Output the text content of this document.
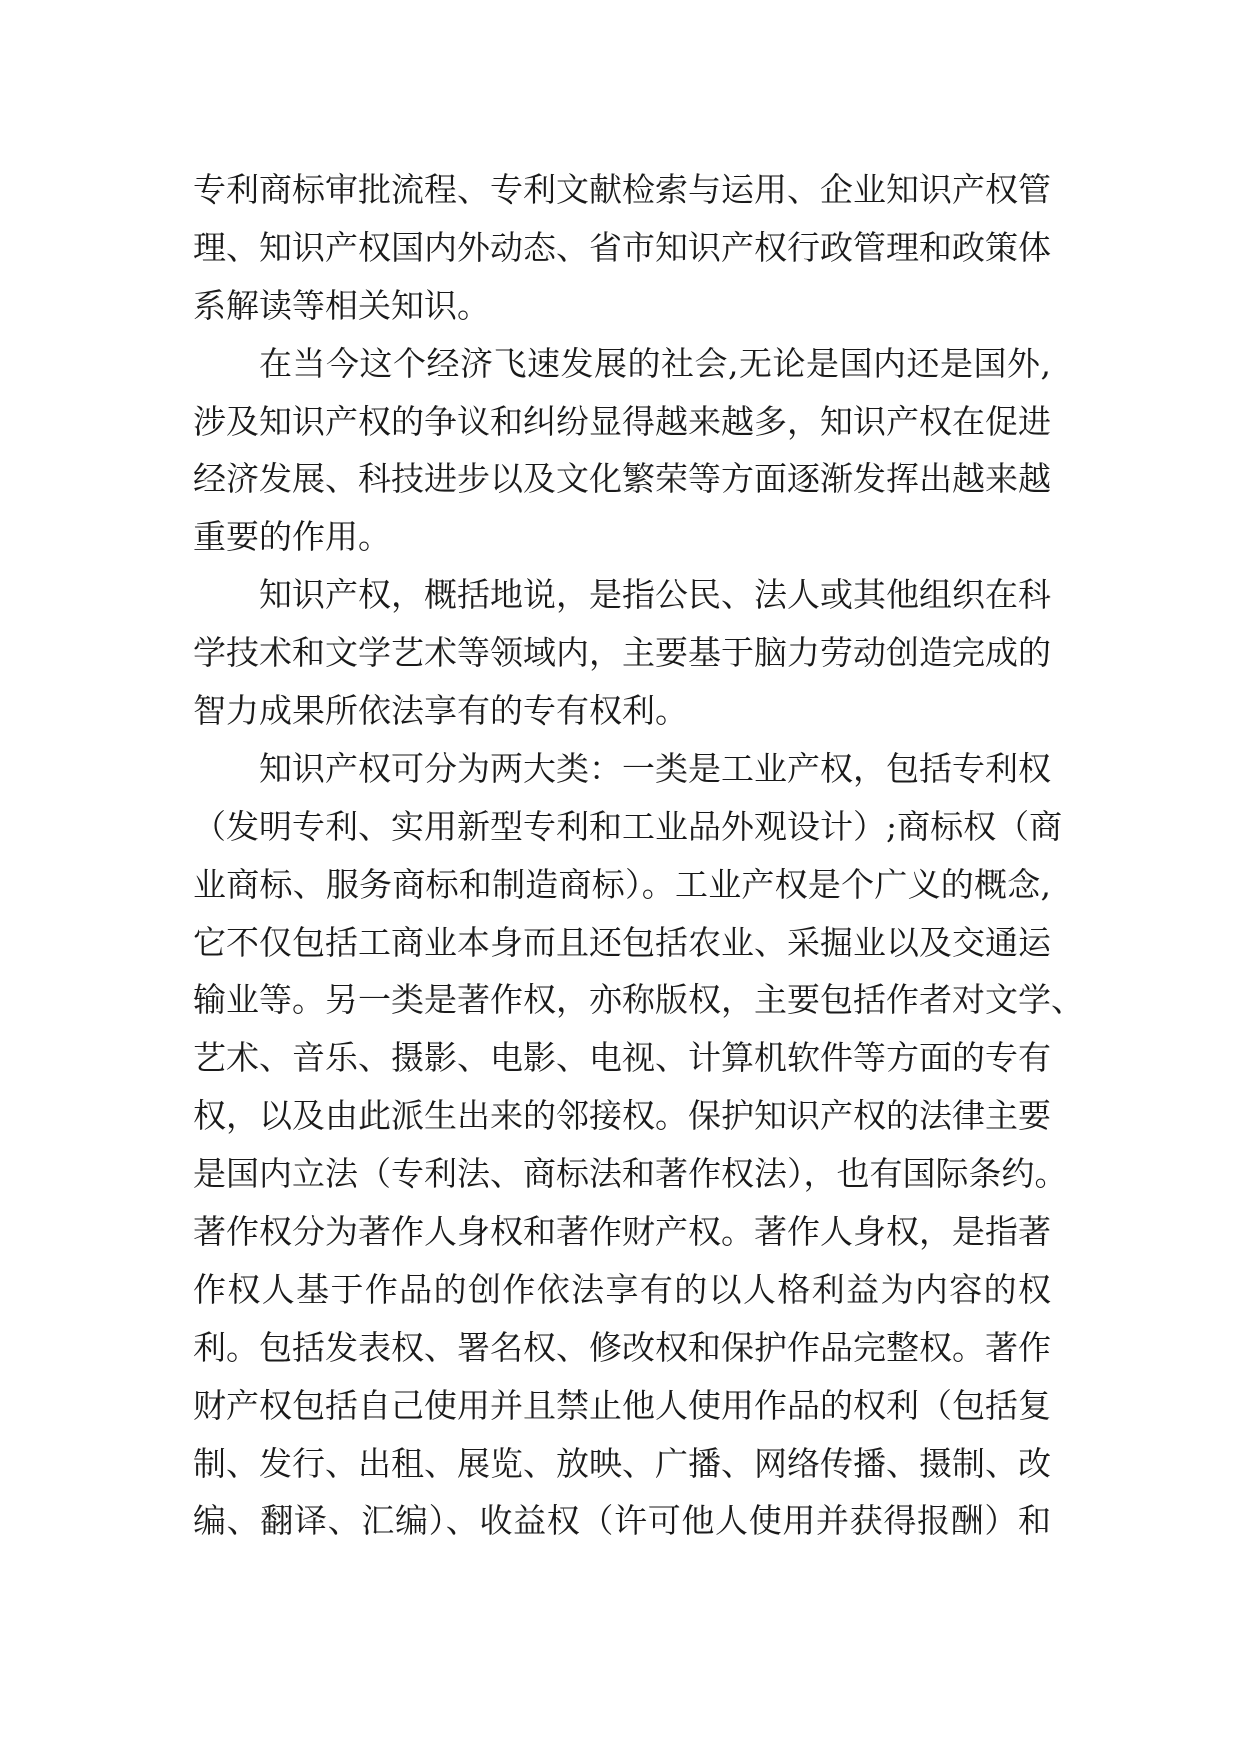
专利商标审批流程、专利文献检索与运用、企业知识产权管
理、知识产权国内外动态、省市知识产权行政管理和政策体
系解读等相关知识。
在当今这个经济飞速发展的社会,无论是国内还是国外,
涉及知识产权的争议和纠纷显得越来越多，知识产权在促进
经济发展、科技进步以及文化繁荣等方面逐渐发挥出越来越
重要的作用。
知识产权，概括地说，是指公民、法人或其他组织在科
学技术和文学艺术等领域内，主要基于脑力劳动创造完成的
智力成果所依法享有的专有权利。
知识产权可分为两大类：一类是工业产权，包括专利权
（发明专利、实用新型专利和工业品外观设计）;商标权（商
业商标、服务商标和制造商标）。工业产权是个广义的概念,
它不仅包括工商业本身而且还包括农业、采掘业以及交通运
输业等。另一类是著作权，亦称版权，主要包括作者对文学、
艺术、音乐、摄影、电影、电视、计算机软件等方面的专有
权，以及由此派生出来的邻接权。保护知识产权的法律主要
是国内立法（专利法、商标法和著作权法），也有国际条约。
著作权分为著作人身权和著作财产权。著作人身权，是指著
作权人基于作品的创作依法享有的以人格利益为内容的权
利。包括发表权、署名权、修改权和保护作品完整权。著作
财产权包括自己使用并且禁止他人使用作品的权利（包括复
制、发行、出租、展览、放映、广播、网络传播、摄制、改
编、翻译、汇编）、收益权（许可他人使用并获得报酬）和
